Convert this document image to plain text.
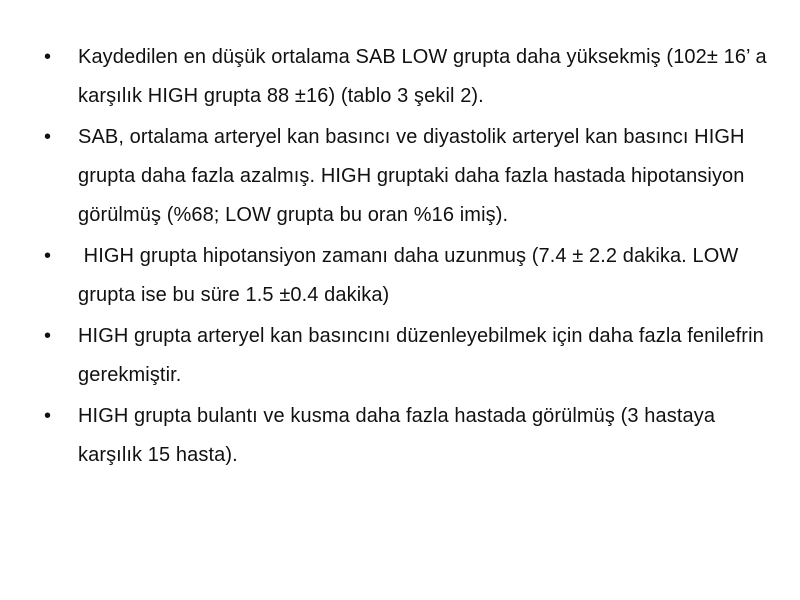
• Kaydedilen en düşük ortalama SAB LOW grupta daha yüksekmiş (102± 16’ a karşılık HIGH grupta 88 ±16) (tablo 3 şekil 2).
• SAB, ortalama arteryel kan basıncı ve diyastolik arteryel kan basıncı HIGH grupta daha fazla azalmış. HIGH gruptaki daha fazla hastada hipotansiyon görülmüş (%68; LOW grupta bu oran %16 imiş).
• HIGH grupta hipotansiyon zamanı daha uzunmuş (7.4 ± 2.2 dakika. LOW grupta ise bu süre 1.5 ±0.4 dakika)
• HIGH grupta arteryel kan basıncını düzenleyebilmek için daha fazla fenilefrin gerekmiştir.
• HIGH grupta bulantı ve kusma daha fazla hastada görülmüş (3 hastaya karşılık 15 hasta).
